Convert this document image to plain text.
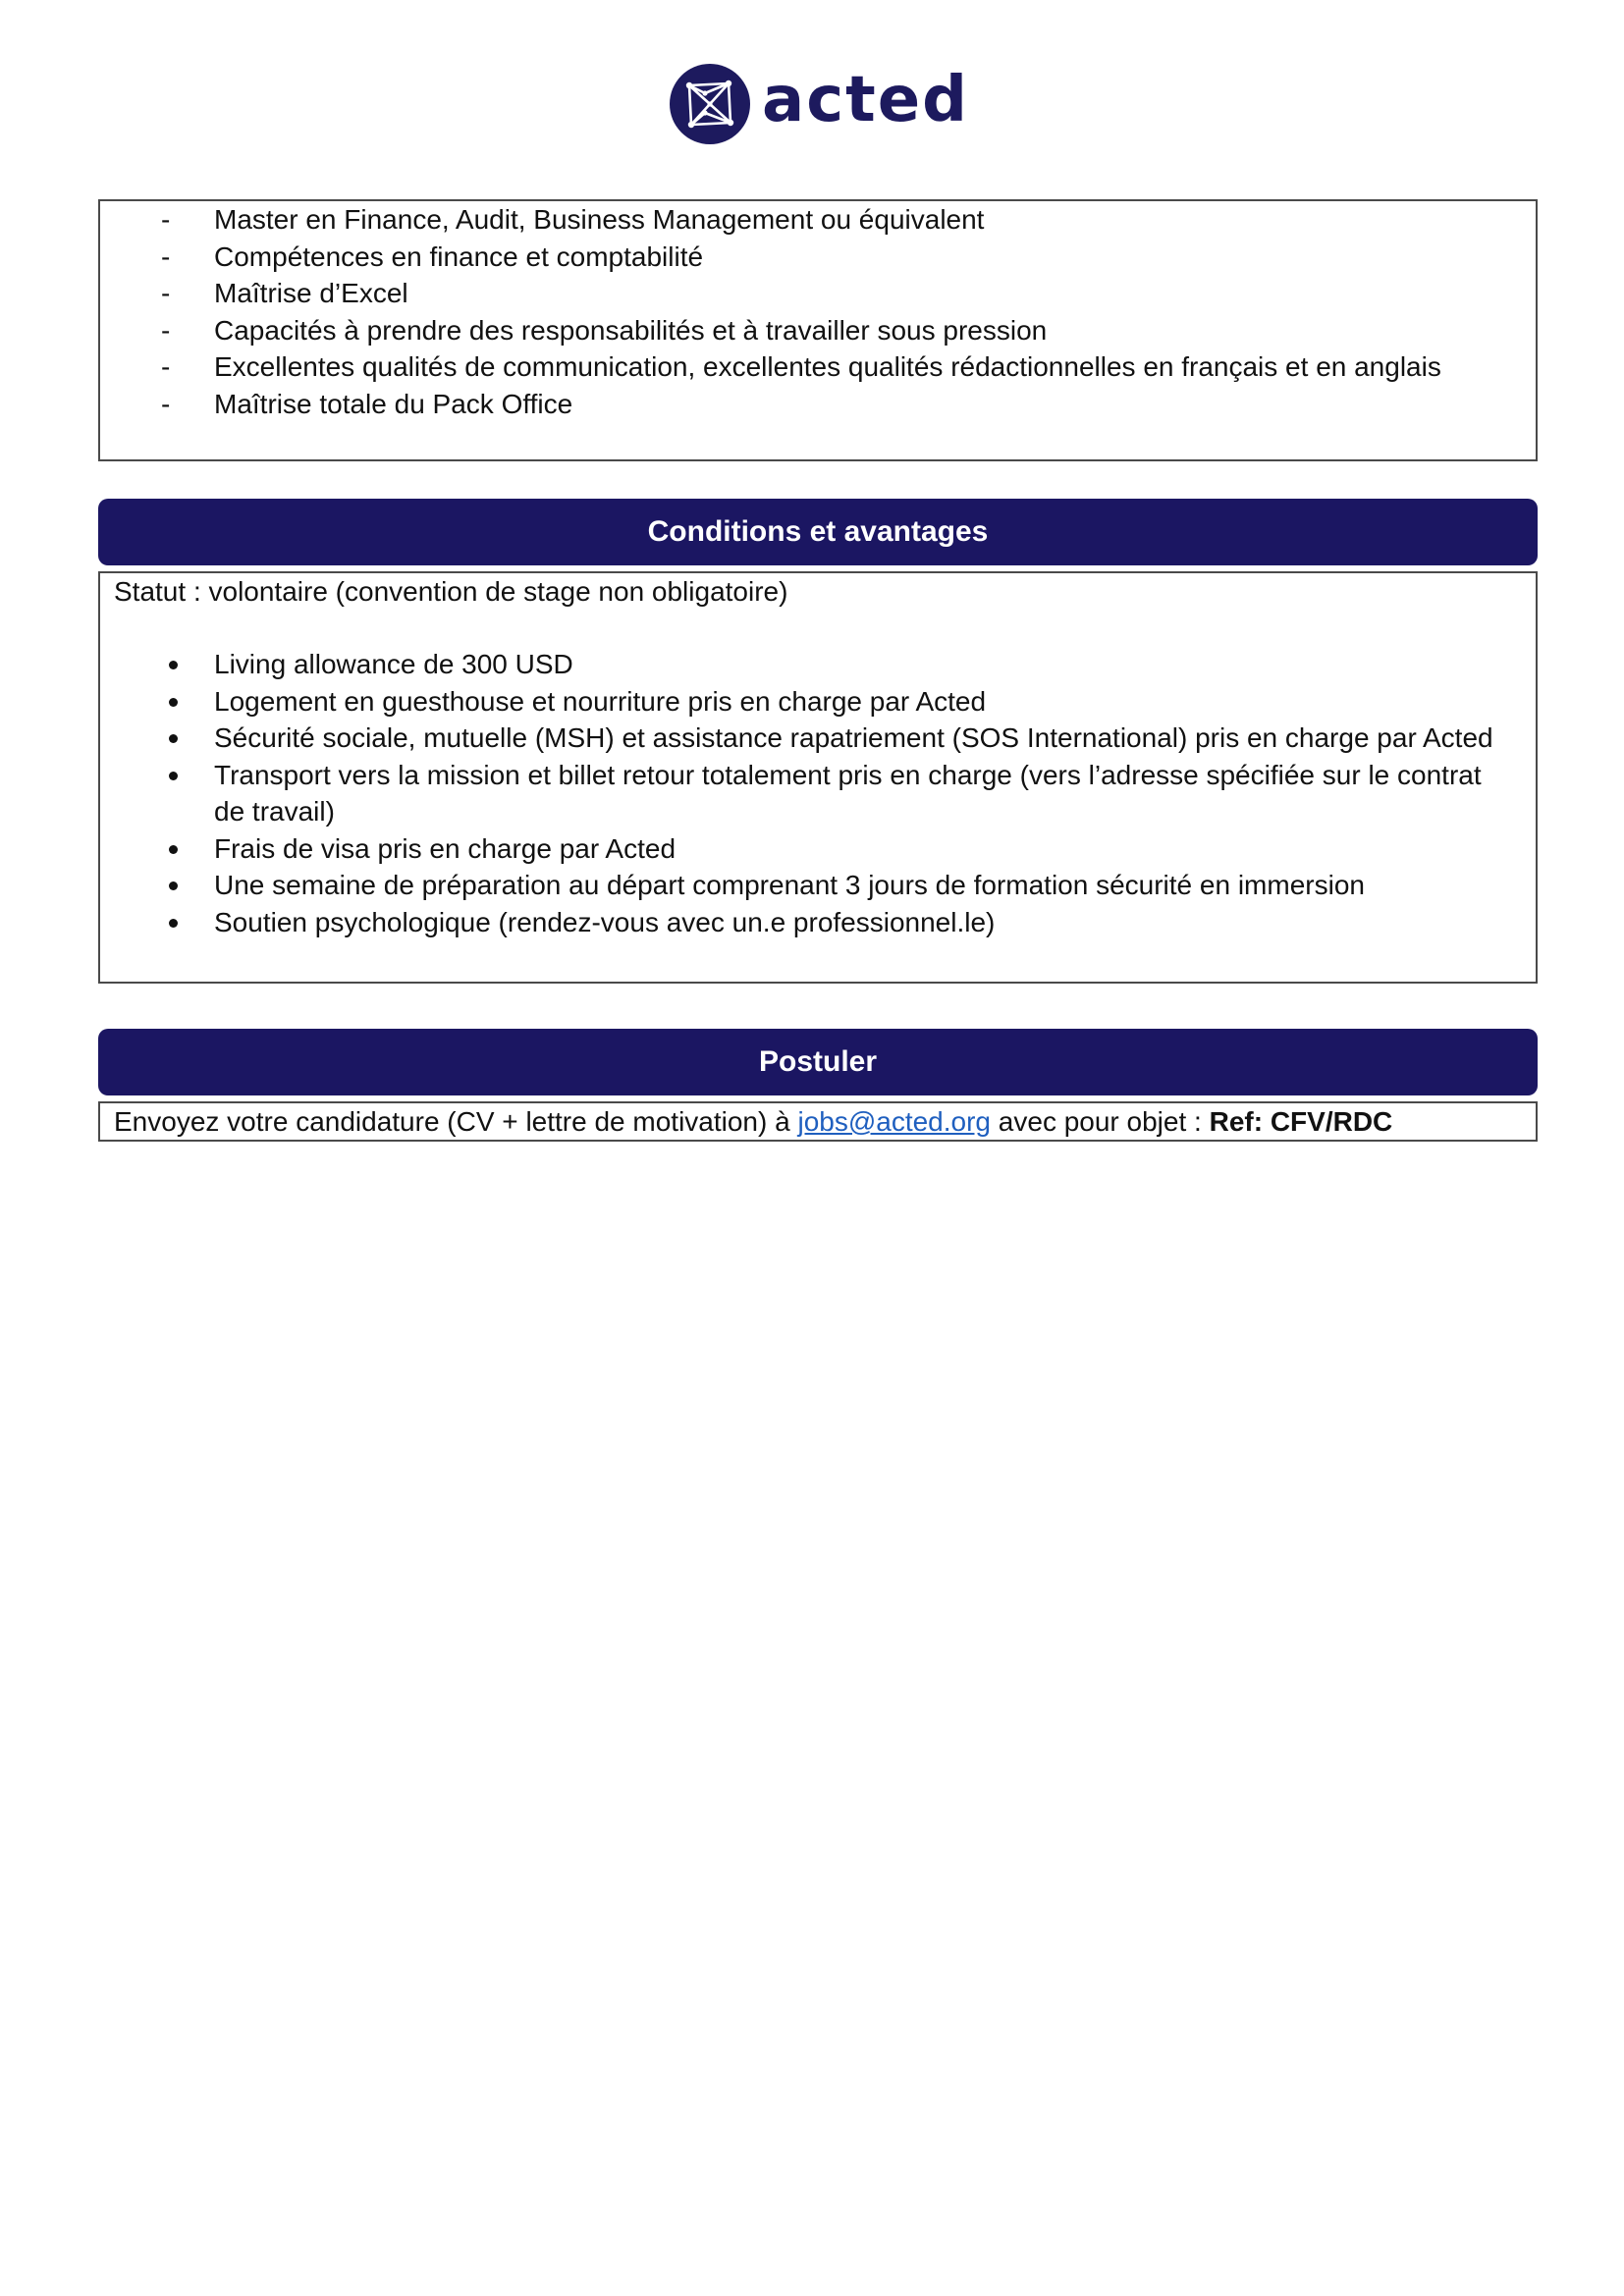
acted
-	Master en Finance, Audit, Business Management ou équivalent
-	Compétences en finance et comptabilité
-	Maîtrise d’Excel
-	Capacités à prendre des responsabilités et à travailler sous pression
-	Excellentes qualités de communication, excellentes qualités rédactionnelles en français et en anglais
-	Maîtrise totale du Pack Office
Conditions et avantages
Statut : volontaire (convention de stage non obligatoire)
Living allowance de 300 USD
Logement en guesthouse et nourriture pris en charge par Acted
Sécurité sociale, mutuelle (MSH) et assistance rapatriement (SOS International) pris en charge par Acted
Transport vers la mission et billet retour totalement pris en charge (vers l’adresse spécifiée sur le contrat de travail)
Frais de visa pris en charge par Acted
Une semaine de préparation au départ comprenant 3 jours de formation sécurité en immersion
Soutien psychologique (rendez-vous avec un.e professionnel.le)
Postuler
Envoyez votre candidature (CV + lettre de motivation) à jobs@acted.org avec pour objet : Ref: CFV/RDC
